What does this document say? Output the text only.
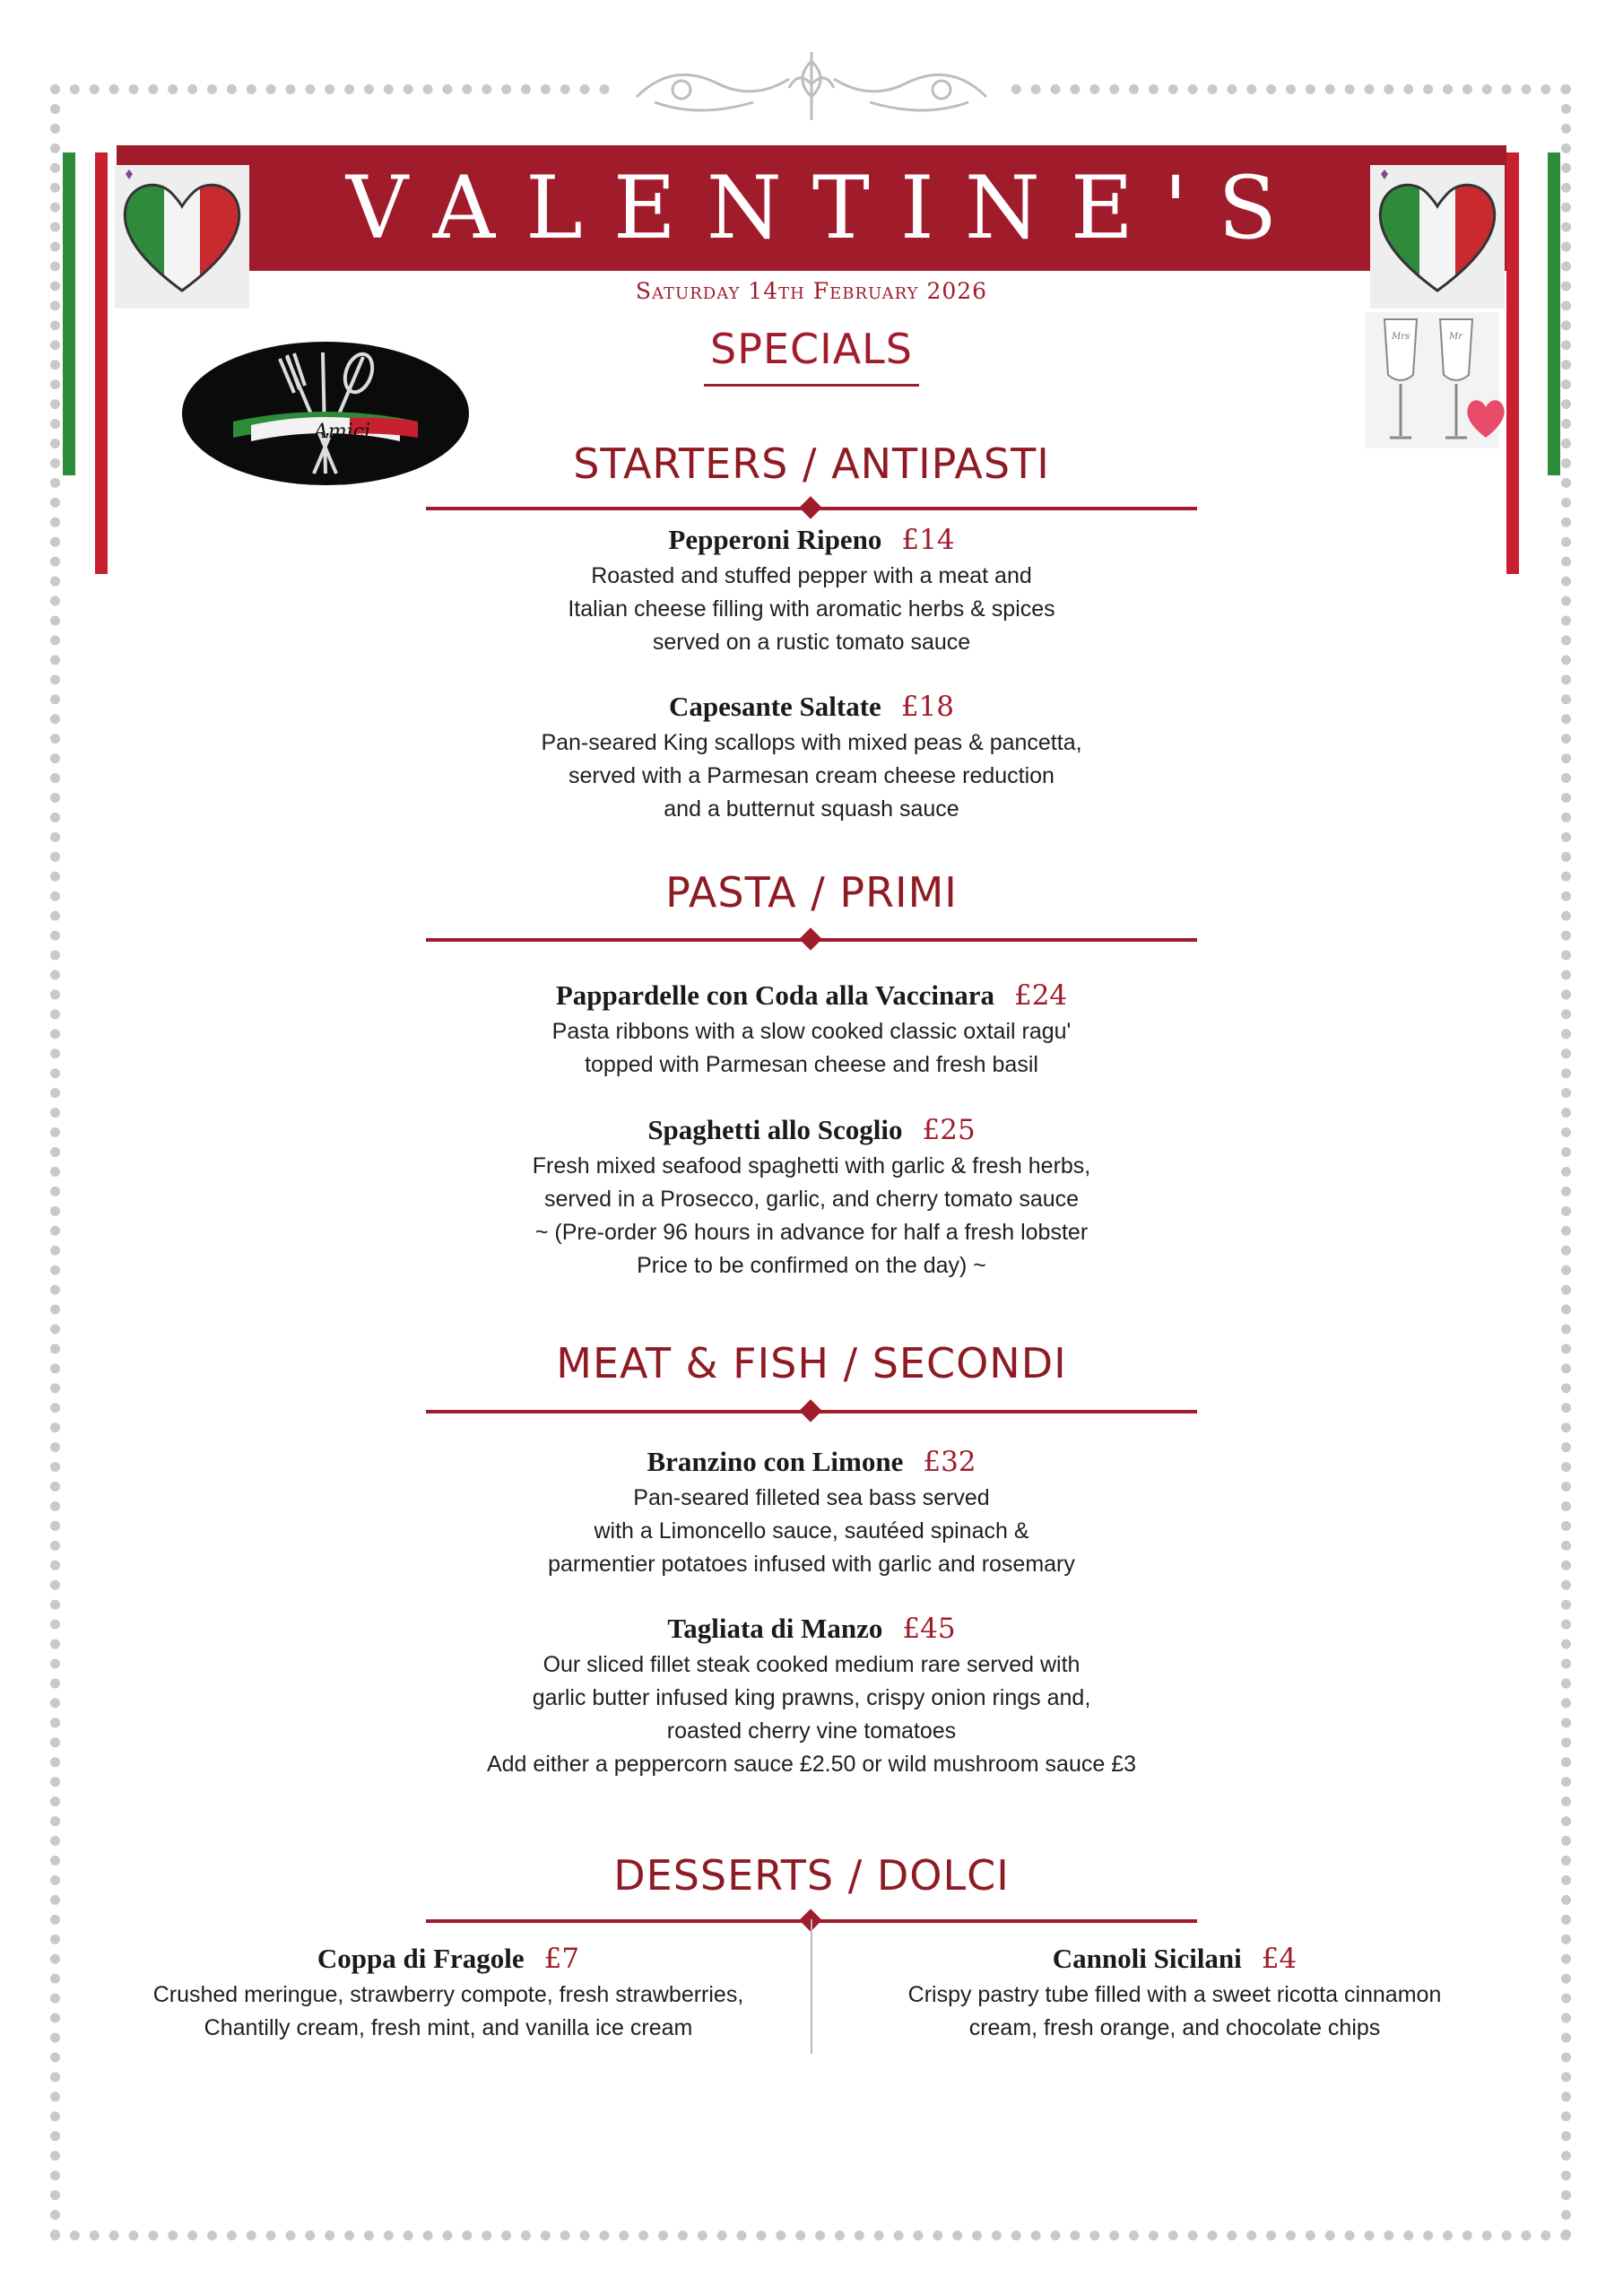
VALENTINE'S
Saturday 14th February 2026
SPECIALS
Amici
Mrs	Mr
STARTERS / ANTIPASTI
Pepperoni Ripeno £14
Roasted and stuffed pepper with a meat and
Italian cheese filling with aromatic herbs & spices
served on a rustic tomato sauce
Capesante Saltate £18
Pan-seared King scallops with mixed peas & pancetta,
served with a Parmesan cream cheese reduction
and a butternut squash sauce
PASTA / PRIMI
Pappardelle con Coda alla Vaccinara £24
Pasta ribbons with a slow cooked classic oxtail ragu'
topped with Parmesan cheese and fresh basil
Spaghetti allo Scoglio £25
Fresh mixed seafood spaghetti with garlic & fresh herbs,
served in a Prosecco, garlic, and cherry tomato sauce
~ (Pre-order 96 hours in advance for half a fresh lobster
Price to be confirmed on the day) ~
MEAT & FISH / SECONDI
Branzino con Limone £32
Pan-seared filleted sea bass served
with a Limoncello sauce, sautéed spinach &
parmentier potatoes infused with garlic and rosemary
Tagliata di Manzo £45
Our sliced fillet steak cooked medium rare served with
garlic butter infused king prawns, crispy onion rings and,
roasted cherry vine tomatoes
Add either a peppercorn sauce £2.50 or wild mushroom sauce £3
DESSERTS / DOLCI
Coppa di Fragole £7
Crushed meringue, strawberry compote, fresh strawberries,
Chantilly cream, fresh mint, and vanilla ice cream
Cannoli Sicilani £4
Crispy pastry tube filled with a sweet ricotta cinnamon
cream, fresh orange, and chocolate chips
